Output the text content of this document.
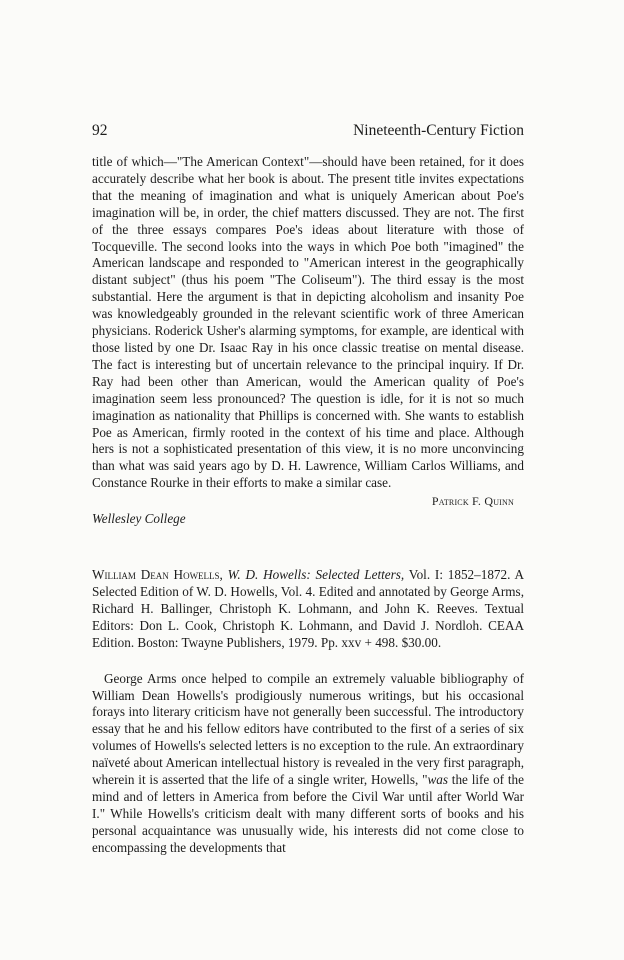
92	Nineteenth-Century Fiction

title of which—"The American Context"—should have been retained, for it does accurately describe what her book is about. The present title invites expectations that the meaning of imagination and what is uniquely American about Poe's imagination will be, in order, the chief matters discussed. They are not. The first of the three essays compares Poe's ideas about literature with those of Tocqueville. The second looks into the ways in which Poe both "imagined" the American landscape and responded to "American interest in the geographically distant subject" (thus his poem "The Coliseum"). The third essay is the most substantial. Here the argument is that in depicting alcoholism and insanity Poe was knowledgeably grounded in the relevant scientific work of three American physicians. Roderick Usher's alarming symptoms, for example, are identical with those listed by one Dr. Isaac Ray in his once classic treatise on mental disease. The fact is interesting but of uncertain relevance to the principal inquiry. If Dr. Ray had been other than American, would the American quality of Poe's imagination seem less pronounced? The question is idle, for it is not so much imagination as nationality that Phillips is concerned with. She wants to establish Poe as American, firmly rooted in the context of his time and place. Although hers is not a sophisticated presentation of this view, it is no more unconvincing than what was said years ago by D. H. Lawrence, William Carlos Williams, and Constance Rourke in their efforts to make a similar case.

Patrick F. Quinn
Wellesley College

William Dean Howells, W. D. Howells: Selected Letters, Vol. I: 1852–1872. A Selected Edition of W. D. Howells, Vol. 4. Edited and annotated by George Arms, Richard H. Ballinger, Christoph K. Lohmann, and John K. Reeves. Textual Editors: Don L. Cook, Christoph K. Lohmann, and David J. Nordloh. CEAA Edition. Boston: Twayne Publishers, 1979. Pp. xxv + 498. $30.00.

George Arms once helped to compile an extremely valuable bibliography of William Dean Howells's prodigiously numerous writings, but his occasional forays into literary criticism have not generally been successful. The introductory essay that he and his fellow editors have contributed to the first of a series of six volumes of Howells's selected letters is no exception to the rule. An extraordinary naïveté about American intellectual history is revealed in the very first paragraph, wherein it is asserted that the life of a single writer, Howells, "was the life of the mind and of letters in America from before the Civil War until after World War I." While Howells's criticism dealt with many different sorts of books and his personal acquaintance was unusually wide, his interests did not come close to encompassing the developments that
